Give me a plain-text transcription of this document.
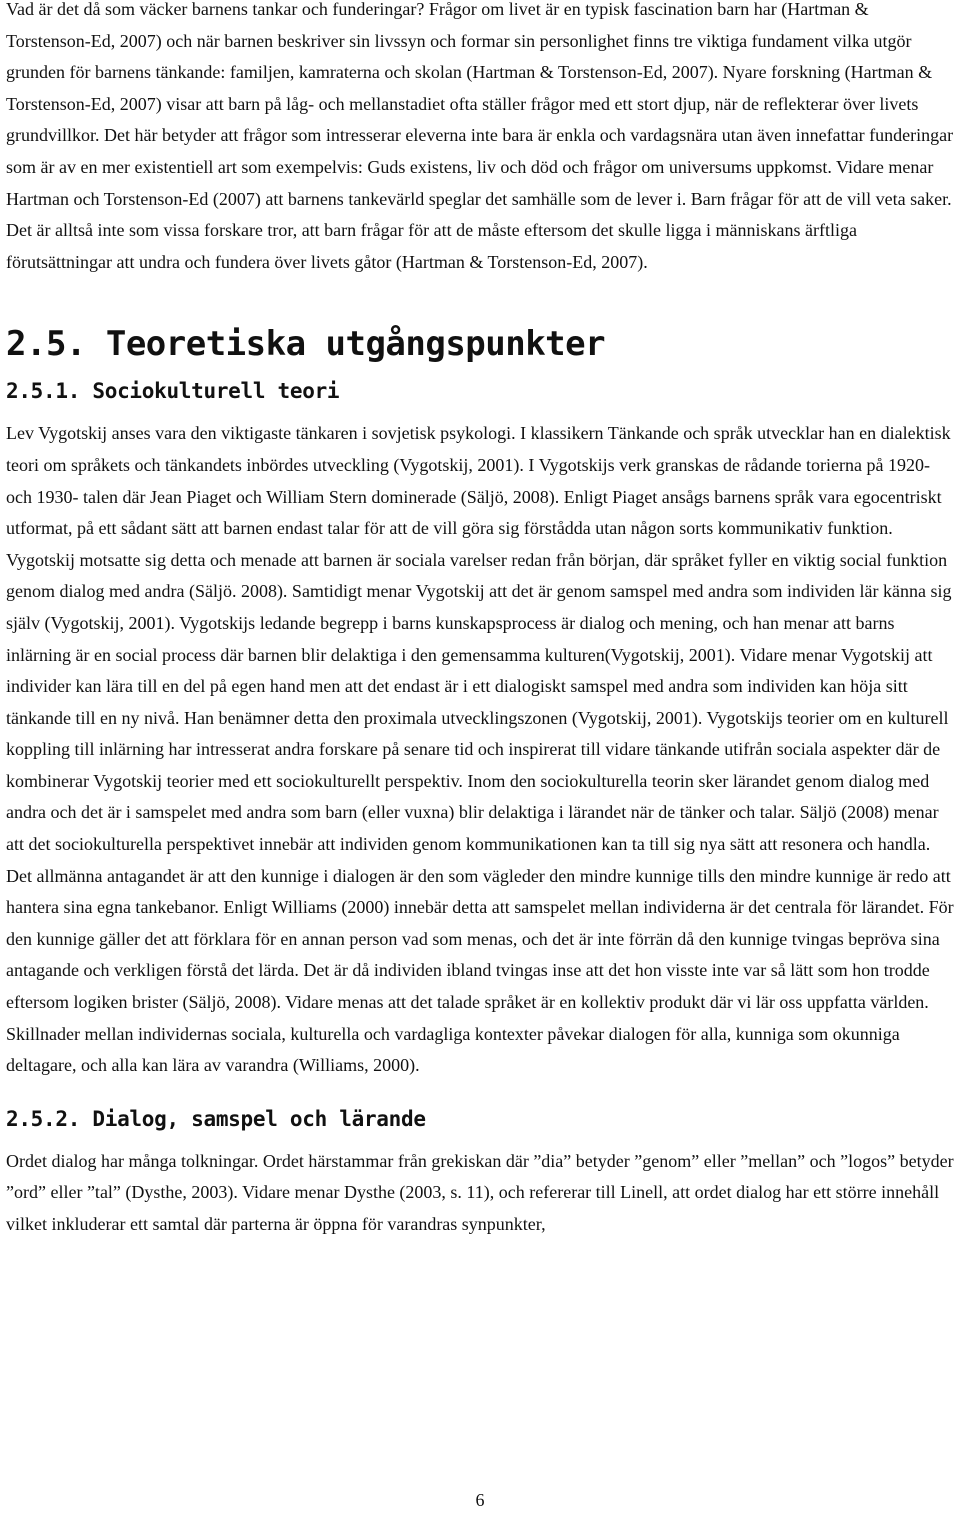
Vad är det då som väcker barnens tankar och funderingar? Frågor om livet är en typisk fascination barn har (Hartman & Torstenson-Ed, 2007) och när barnen beskriver sin livssyn och formar sin personlighet finns tre viktiga fundament vilka utgör grunden för barnens tänkande: familjen, kamraterna och skolan (Hartman & Torstenson-Ed, 2007). Nyare forskning (Hartman & Torstenson-Ed, 2007) visar att barn på låg- och mellanstadiet ofta ställer frågor med ett stort djup, när de reflekterar över livets grundvillkor. Det här betyder att frågor som intresserar eleverna inte bara är enkla och vardagsnära utan även innefattar funderingar som är av en mer existentiell art som exempelvis: Guds existens, liv och död och frågor om universums uppkomst. Vidare menar Hartman och Torstenson-Ed (2007) att barnens tankevärld speglar det samhälle som de lever i. Barn frågar för att de vill veta saker. Det är alltså inte som vissa forskare tror, att barn frågar för att de måste eftersom det skulle ligga i människans ärftliga förutsättningar att undra och fundera över livets gåtor (Hartman & Torstenson-Ed, 2007).

2.5. Teoretiska utgångspunkter
2.5.1. Sociokulturell teori

Lev Vygotskij anses vara den viktigaste tänkaren i sovjetisk psykologi. I klassikern Tänkande och språk utvecklar han en dialektisk teori om språkets och tänkandets inbördes utveckling (Vygotskij, 2001). I Vygotskijs verk granskas de rådande torierna på 1920- och 1930- talen där Jean Piaget och William Stern dominerade (Säljö, 2008). Enligt Piaget ansågs barnens språk vara egocentriskt utformat, på ett sådant sätt att barnen endast talar för att de vill göra sig förstådda utan någon sorts kommunikativ funktion. Vygotskij motsatte sig detta och menade att barnen är sociala varelser redan från början, där språket fyller en viktig social funktion genom dialog med andra (Säljö. 2008). Samtidigt menar Vygotskij att det är genom samspel med andra som individen lär känna sig själv (Vygotskij, 2001). Vygotskijs ledande begrepp i barns kunskapsprocess är dialog och mening, och han menar att barns inlärning är en social process där barnen blir delaktiga i den gemensamma kulturen(Vygotskij, 2001). Vidare menar Vygotskij att individer kan lära till en del på egen hand men att det endast är i ett dialogiskt samspel med andra som individen kan höja sitt tänkande till en ny nivå. Han benämner detta den proximala utvecklingszonen (Vygotskij, 2001). Vygotskijs teorier om en kulturell koppling till inlärning har intresserat andra forskare på senare tid och inspirerat till vidare tänkande utifrån sociala aspekter där de kombinerar Vygotskij teorier med ett sociokulturellt perspektiv. Inom den sociokulturella teorin sker lärandet genom dialog med andra och det är i samspelet med andra som barn (eller vuxna) blir delaktiga i lärandet när de tänker och talar. Säljö (2008) menar att det sociokulturella perspektivet innebär att individen genom kommunikationen kan ta till sig nya sätt att resonera och handla. Det allmänna antagandet är att den kunnige i dialogen är den som vägleder den mindre kunnige tills den mindre kunnige är redo att hantera sina egna tankebanor. Enligt Williams (2000) innebär detta att samspelet mellan individerna är det centrala för lärandet. För den kunnige gäller det att förklara för en annan person vad som menas, och det är inte förrän då den kunnige tvingas bepröva sina antagande och verkligen förstå det lärda. Det är då individen ibland tvingas inse att det hon visste inte var så lätt som hon trodde eftersom logiken brister (Säljö, 2008). Vidare menas att det talade språket är en kollektiv produkt där vi lär oss uppfatta världen. Skillnader mellan individernas sociala, kulturella och vardagliga kontexter påvekar dialogen för alla, kunniga som okunniga deltagare, och alla kan lära av varandra (Williams, 2000).

2.5.2. Dialog, samspel och lärande

Ordet dialog har många tolkningar. Ordet härstammar från grekiskan där ”dia” betyder ”genom” eller ”mellan” och ”logos” betyder ”ord” eller ”tal” (Dysthe, 2003). Vidare menar Dysthe (2003, s. 11), och refererar till Linell, att ordet dialog har ett större innehåll vilket inkluderar ett samtal där parterna är öppna för varandras synpunkter,

6
